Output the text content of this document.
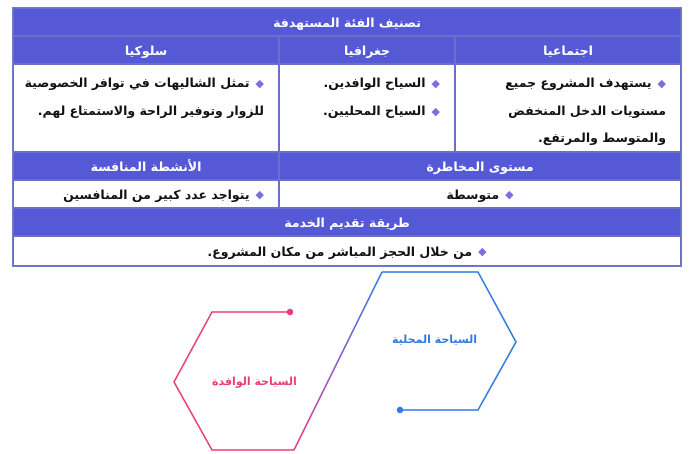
تصنيف الفئة المستهدفة
اجتماعيا
جغرافيا
سلوكيا
◆يستهدف المشروع جميع
مستويات الدخل المنخفض
والمتوسط والمرتفع.
◆السياح الوافدين.
◆السياح المحليين.
◆تمثل الشاليهات في توافر الخصوصية
للزوار وتوفير الراحة والاستمتاع لهم.
مستوى المخاطرة
الأنشطة المنافسة
◆
متوسطة
◆
يتواجد عدد كبير من المنافسين
طريقة تقديم الخدمة
◆
من خلال الحجز المباشر من مكان المشروع.
السياحة المحلية
السياحة الوافدة
